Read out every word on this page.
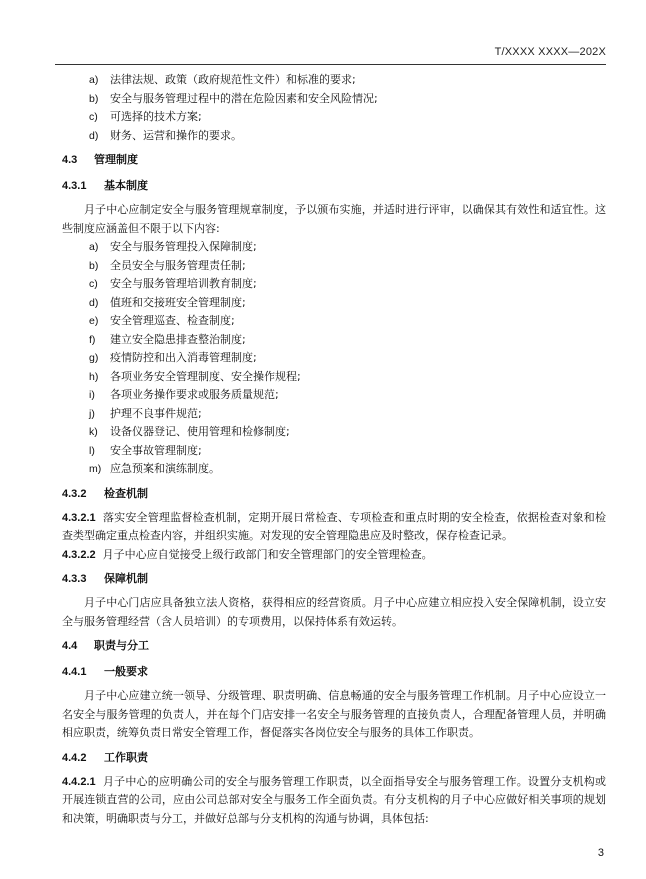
T/XXXX XXXX—202X
a) 法律法规、政策（政府规范性文件）和标准的要求;
b) 安全与服务管理过程中的潜在危险因素和安全风险情况;
c) 可选择的技术方案;
d) 财务、运营和操作的要求。
4.3 管理制度
4.3.1 基本制度

月子中心应制定安全与服务管理规章制度，予以颁布实施，并适时进行评审，以确保其有效性和适宜性。这些制度应涵盖但不限于以下内容:

a) 安全与服务管理投入保障制度;
b) 全员安全与服务管理责任制;
c) 安全与服务管理培训教育制度;
d) 值班和交接班安全管理制度;
e) 安全管理巡查、检查制度;
f) 建立安全隐患排查整治制度;
g) 疫情防控和出入消毒管理制度;
h) 各项业务安全管理制度、安全操作规程;
i) 各项业务操作要求或服务质量规范;
j) 护理不良事件规范;
k) 设备仪器登记、使用管理和检修制度;
l) 安全事故管理制度;
m) 应急预案和演练制度。
4.3.2 检查机制

4.3.2.1 落实安全管理监督检查机制，定期开展日常检查、专项检查和重点时期的安全检查，依据检查对象和检查类型确定重点检查内容，并组织实施。对发现的安全管理隐患应及时整改，保存检查记录。

4.3.2.2 月子中心应自觉接受上级行政部门和安全管理部门的安全管理检查。

4.3.3 保障机制

月子中心门店应具备独立法人资格，获得相应的经营资质。月子中心应建立相应投入安全保障机制，设立安全与服务管理经营（含人员培训）的专项费用，以保持体系有效运转。

4.4 职责与分工
4.4.1 一般要求

月子中心应建立统一领导、分级管理、职责明确、信息畅通的安全与服务管理工作机制。月子中心应设立一名安全与服务管理的负责人，并在每个门店安排一名安全与服务管理的直接负责人，合理配备管理人员，并明确相应职责，统筹负责日常安全管理工作，督促落实各岗位安全与服务的具体工作职责。

4.4.2 工作职责

4.4.2.1 月子中心的应明确公司的安全与服务管理工作职责，以全面指导安全与服务管理工作。设置分支机构或开展连锁直营的公司，应由公司总部对安全与服务工作全面负责。有分支机构的月子中心应做好相关事项的规划和决策，明确职责与分工，并做好总部与分支机构的沟通与协调，具体包括:

3
